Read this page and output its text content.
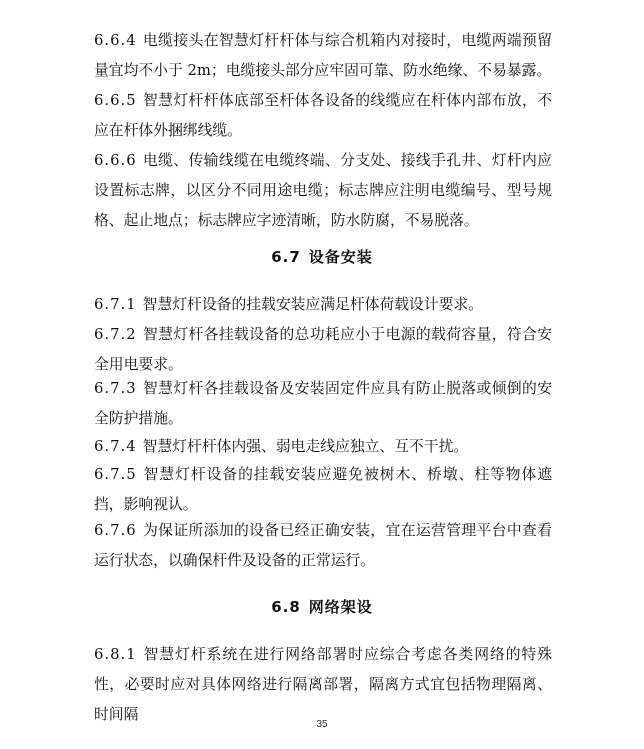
6.6.4 电缆接头在智慧灯杆杆体与综合机箱内对接时，电缆两端预留量宜均不小于 2m；电缆接头部分应牢固可靠、防水绝缘、不易暴露。

6.6.5 智慧灯杆杆体底部至杆体各设备的线缆应在杆体内部布放，不应在杆体外捆绑线缆。

6.6.6 电缆、传输线缆在电缆终端、分支处、接线手孔井、灯杆内应设置标志牌，以区分不同用途电缆；标志牌应注明电缆编号、型号规格、起止地点；标志牌应字迹清晰，防水防腐，不易脱落。

6.7 设备安装

6.7.1 智慧灯杆设备的挂载安装应满足杆体荷载设计要求。

6.7.2 智慧灯杆各挂载设备的总功耗应小于电源的载荷容量，符合安全用电要求。

6.7.3 智慧灯杆各挂载设备及安装固定件应具有防止脱落或倾倒的安全防护措施。

6.7.4 智慧灯杆杆体内强、弱电走线应独立、互不干扰。

6.7.5 智慧灯杆设备的挂载安装应避免被树木、桥墩、柱等物体遮挡，影响视认。

6.7.6 为保证所添加的设备已经正确安装，宜在运营管理平台中查看运行状态，以确保杆件及设备的正常运行。

6.8 网络架设

6.8.1 智慧灯杆系统在进行网络部署时应综合考虑各类网络的特殊性，必要时应对具体网络进行隔离部署，隔离方式宜包括物理隔离、时间隔

35
